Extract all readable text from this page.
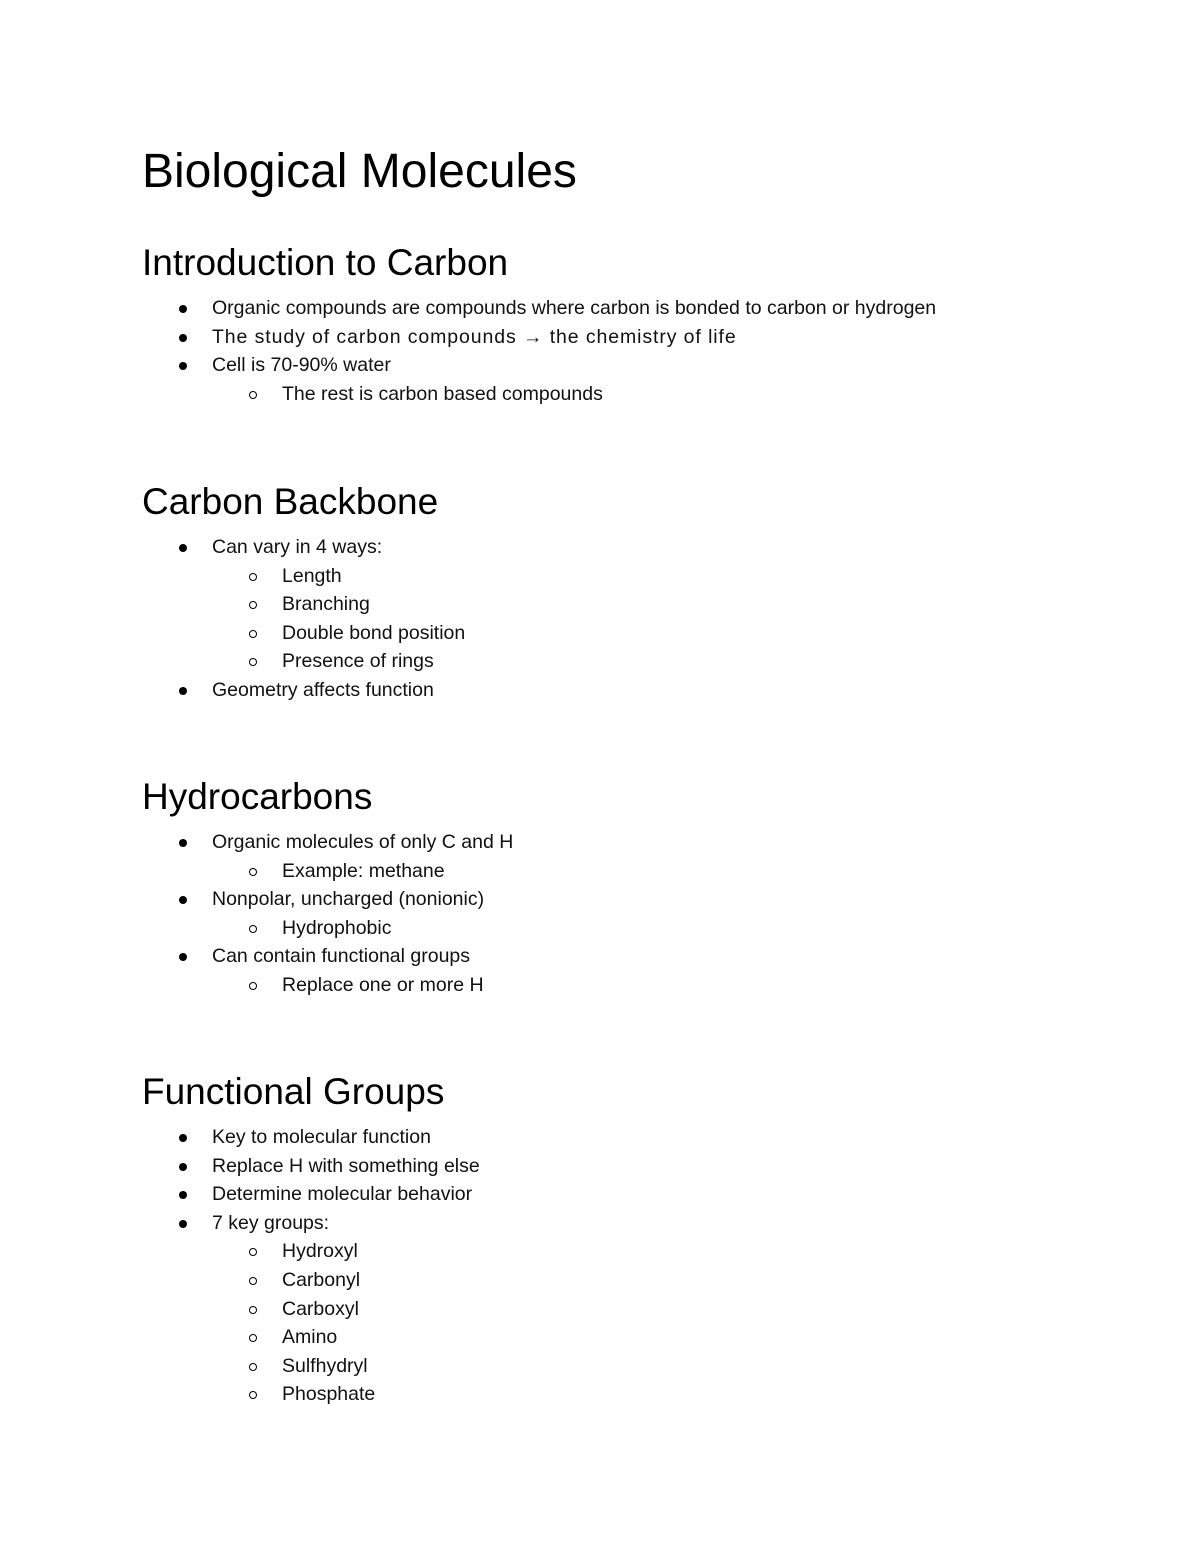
Biological Molecules
Introduction to Carbon
Organic compounds are compounds where carbon is bonded to carbon or hydrogen
The study of carbon compounds → the chemistry of life
Cell is 70-90% water
The rest is carbon based compounds
Carbon Backbone
Can vary in 4 ways:
Length
Branching
Double bond position
Presence of rings
Geometry affects function
Hydrocarbons
Organic molecules of only C and H
Example: methane
Nonpolar, uncharged (nonionic)
Hydrophobic
Can contain functional groups
Replace one or more H
Functional Groups
Key to molecular function
Replace H with something else
Determine molecular behavior
7 key groups:
Hydroxyl
Carbonyl
Carboxyl
Amino
Sulfhydryl
Phosphate
